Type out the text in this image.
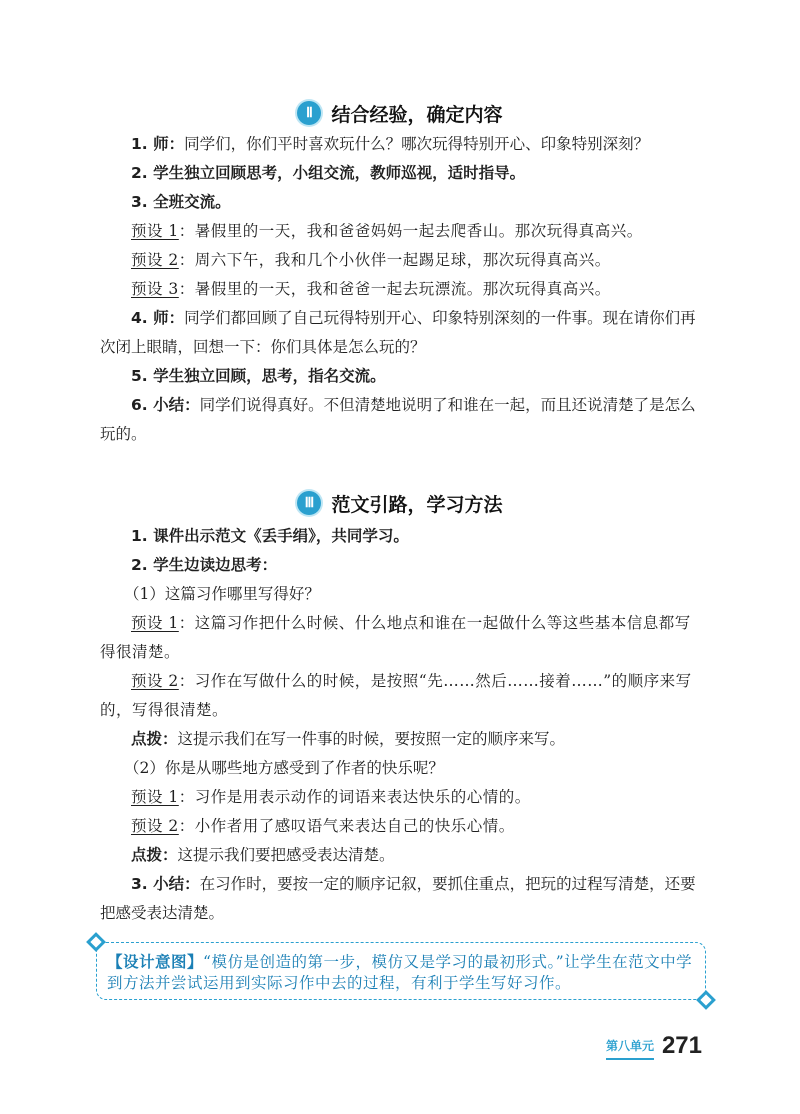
Ⅱ 结合经验，确定内容

1. 师：同学们，你们平时喜欢玩什么？哪次玩得特别开心、印象特别深刻？

2. 学生独立回顾思考，小组交流，教师巡视，适时指导。

3. 全班交流。

预设 1：暑假里的一天，我和爸爸妈妈一起去爬香山。那次玩得真高兴。

预设 2：周六下午，我和几个小伙伴一起踢足球，那次玩得真高兴。

预设 3：暑假里的一天，我和爸爸一起去玩漂流。那次玩得真高兴。

4. 师：同学们都回顾了自己玩得特别开心、印象特别深刻的一件事。现在请你们再次闭上眼睛，回想一下：你们具体是怎么玩的？

5. 学生独立回顾，思考，指名交流。

6. 小结：同学们说得真好。不但清楚地说明了和谁在一起，而且还说清楚了是怎么玩的。

Ⅲ 范文引路，学习方法

1. 课件出示范文《丢手绢》，共同学习。

2. 学生边读边思考：

（1）这篇习作哪里写得好？

预设 1：这篇习作把什么时候、什么地点和谁在一起做什么等这些基本信息都写得很清楚。

预设 2：习作在写做什么的时候，是按照“先……然后……接着……”的顺序来写的，写得很清楚。

点拨：这提示我们在写一件事的时候，要按照一定的顺序来写。

（2）你是从哪些地方感受到了作者的快乐呢？

预设 1：习作是用表示动作的词语来表达快乐的心情的。

预设 2：小作者用了感叹语气来表达自己的快乐心情。

点拨：这提示我们要把感受表达清楚。

3. 小结：在习作时，要按一定的顺序记叙，要抓住重点，把玩的过程写清楚，还要把感受表达清楚。

【设计意图】“模仿是创造的第一步，模仿又是学习的最初形式。”让学生在范文中学到方法并尝试运用到实际习作中去的过程，有利于学生写好习作。

第八单元 271
